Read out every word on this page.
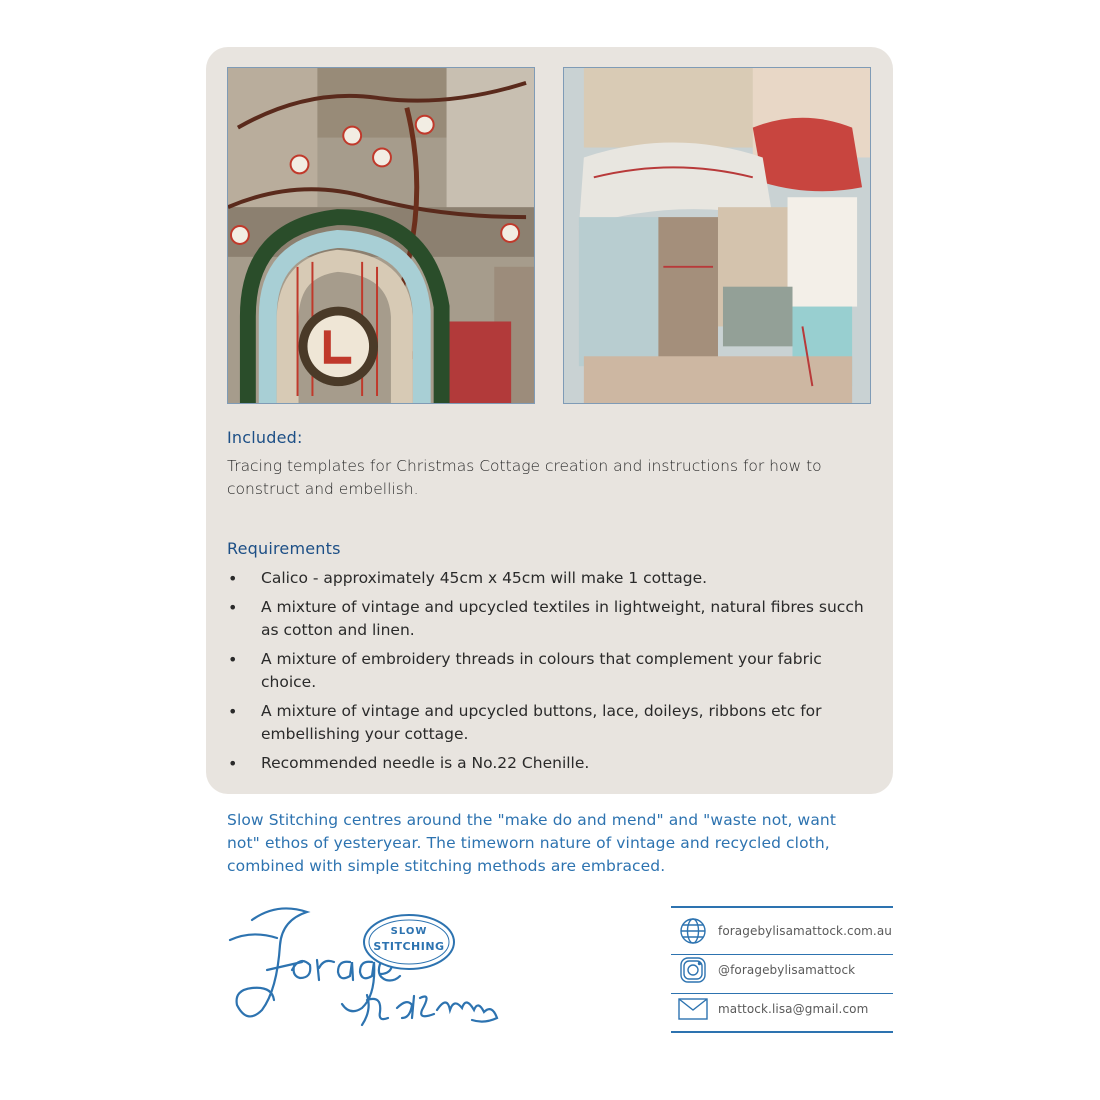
Included:
Tracing templates for Christmas Cottage creation and instructions for how to construct and embellish.
Requirements
• Calico - approximately 45cm x 45cm will make 1 cottage.
• A mixture of vintage and upcycled textiles in lightweight, natural fibres succh as cotton and linen.
• A mixture of embroidery threads in colours that complement your fabric choice.
• A mixture of vintage and upcycled buttons, lace, doileys, ribbons etc for embellishing your cottage.
• Recommended needle is a No.22 Chenille.
Slow Stitching centres around the "make do and mend" and "waste not, want not" ethos of yesteryear. The timeworn nature of vintage and recycled cloth, combined with simple stitching methods are embraced.
SLOW
STITCHING
foragebylisamattock.com.au
@foragebylisamattock
mattock.lisa@gmail.com
